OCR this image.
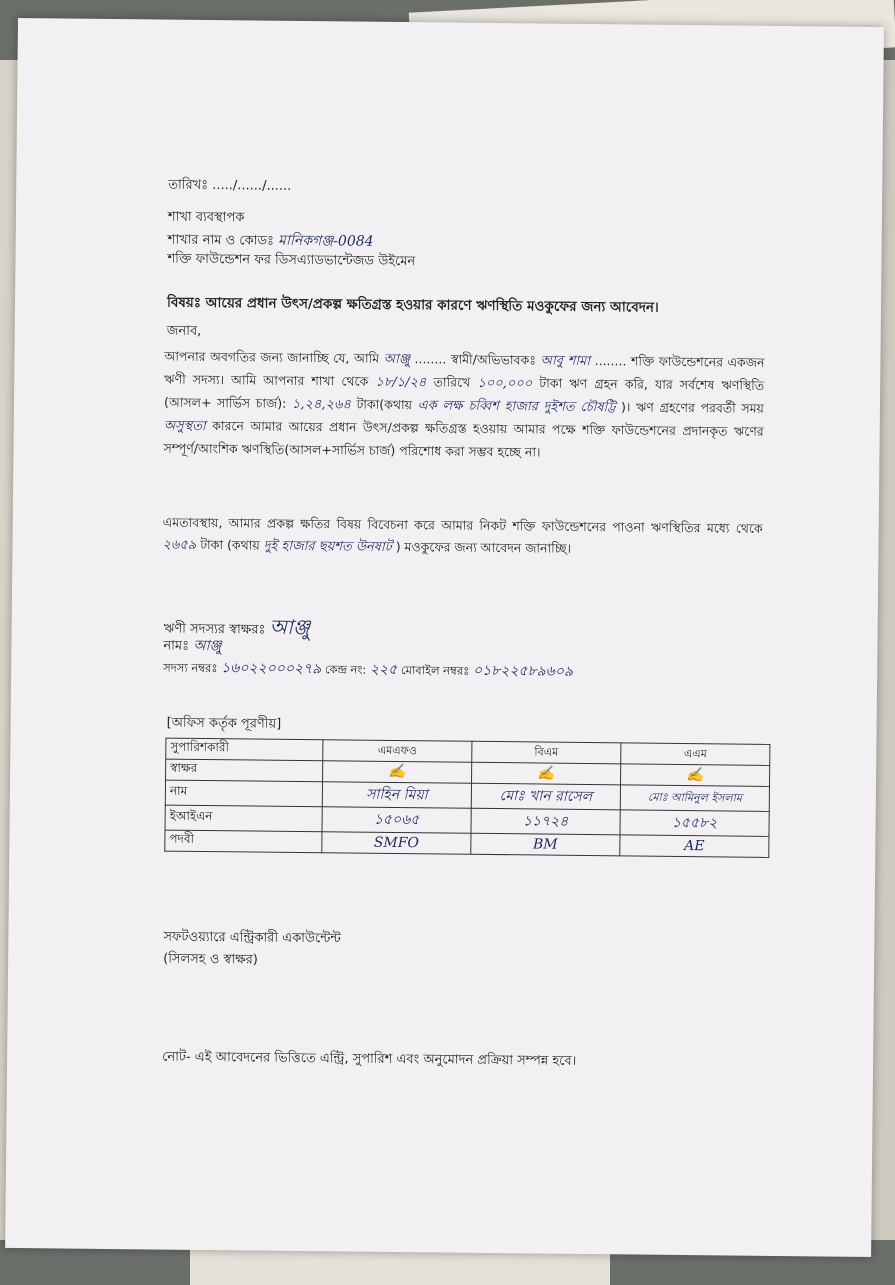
তারিখঃ ...../....../......
শাখা ব্যবস্থাপক
শাখার নাম ও কোডঃ মানিকগঞ্জ-0084
শক্তি ফাউন্ডেশন ফর ডিসএ্যাডভান্টেজড উইমেন
বিষয়ঃ আয়ের প্রধান উৎস/প্রকল্প ক্ষতিগ্রস্ত হওয়ার কারণে ঋণস্থিতি মওকুফের জন্য আবেদন।
জনাব,
আপনার অবগতির জন্য জানাচ্ছি যে, আমি আঞ্জু ........ স্বামী/অভিভাবকঃ আবু শামা ........ শক্তি ফাউন্ডেশনের একজন ঋণী সদস্য। আমি আপনার শাখা থেকে ১৮/১/২৪ তারিখে ১০০,০০০ টাকা ঋণ গ্রহন করি, যার সর্বশেষ ঋণস্থিতি (আসল+ সার্ভিস চার্জ): ১,২৪,২৬৪ টাকা(কথায় এক লক্ষ চব্বিশ হাজার দুইশত চৌষট্টি )। ঋণ গ্রহণের পরবর্তী সময় অসুস্থতা কারনে আমার আয়ের প্রধান উৎস/প্রকল্প ক্ষতিগ্রস্ত হওয়ায় আমার পক্ষে শক্তি ফাউন্ডেশনের প্রদানকৃত ঋণের সম্পূর্ণ/আংশিক ঋণস্থিতি(আসল+সার্ভিস চার্জ) পরিশোধ করা সম্ভব হচ্ছে না।
এমতাবস্থায়, আমার প্রকল্প ক্ষতির বিষয় বিবেচনা করে আমার নিকট শক্তি ফাউন্ডেশনের পাওনা ঋণস্থিতির মধ্যে থেকে ২৬৫৯ টাকা (কথায় দুই হাজার ছয়শত উনষাট ) মওকুফের জন্য আবেদন জানাচ্ছি।
ঋণী সদস্যর স্বাক্ষরঃ আঞ্জু
নামঃ আঞ্জু
সদস্য নম্বরঃ ১৬০২২০০০২৭৯ কেন্দ্র নং: ২২৫ মোবাইল নম্বরঃ ০১৮২২৫৮৯৬০৯
[অফিস কর্তৃক পূরণীয়]
সুপারিশকারী	এমএফও	বিএম	এএম
স্বাক্ষর	✍	✍	✍
নাম	সাহিন মিয়া	মোঃ খান রাসেল	মোঃ আমিনুল ইসলাম
ইআইএন	১৫০৬৫	১১৭২৪	১৫৫৮২
পদবী	SMFO	BM	AE
সফটওয়্যারে এন্ট্রিকারী একাউন্টেন্ট
(সিলসহ ও স্বাক্ষর)
নোট- এই আবেদনের ভিত্তিতে এন্ট্রি, সুপারিশ এবং অনুমোদন প্রক্রিয়া সম্পন্ন হবে।
